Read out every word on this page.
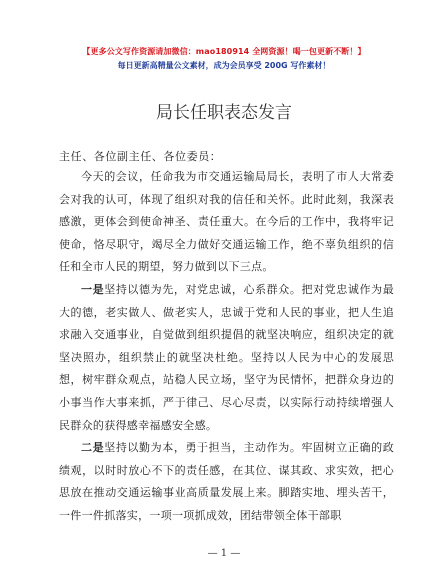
【更多公文写作资源请加微信：mao180914 全网资源！喝一包更新不断！】
每日更新高精量公文素材，成为会员享受 200G 写作素材！
局长任职表态发言
主任、各位副主任、各位委员：

今天的会议，任命我为市交通运输局局长，表明了市人大常委会对我的认可，体现了组织对我的信任和关怀。此时此刻，我深表感激，更体会到使命神圣、责任重大。在今后的工作中，我将牢记使命，恪尽职守，竭尽全力做好交通运输工作，绝不辜负组织的信任和全市人民的期望，努力做到以下三点。

一是坚持以德为先，对党忠诚，心系群众。把对党忠诚作为最大的德，老实做人、做老实人，忠诚于党和人民的事业，把人生追求融入交通事业，自觉做到组织提倡的就坚决响应，组织决定的就坚决照办，组织禁止的就坚决杜绝。坚持以人民为中心的发展思想，树牢群众观点，站稳人民立场，坚守为民情怀，把群众身边的小事当作大事来抓，严于律己、尽心尽责，以实际行动持续增强人民群众的获得感幸福感安全感。

二是坚持以勤为本，勇于担当，主动作为。牢固树立正确的政绩观，以时时放心不下的责任感，在其位、谋其政、求实效，把心思放在推动交通运输事业高质量发展上来。脚踏实地、埋头苦干，一件一件抓落实，一项一项抓成效，团结带领全体干部职

— 1 —
